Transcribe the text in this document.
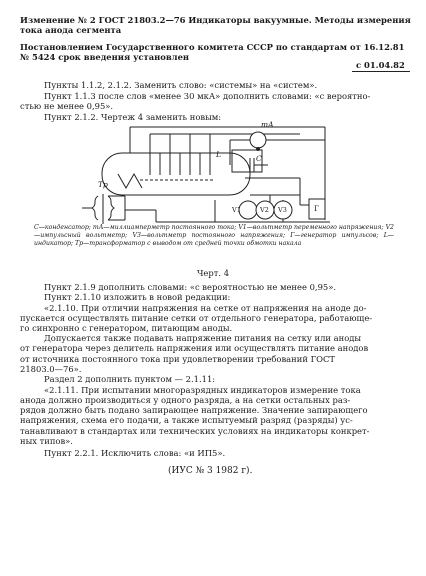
Изменение № 2 ГОСТ 21803.2—76 Индикаторы вакуумные. Методы измерения
тока анода сегмента
Постановлением Государственного комитета СССР по стандартам от 16.12.81
№ 5424 срок введения установлен
с 01.04.82
Пункты 1.1.2, 2.1.2. Заменить слово: «системы» на «систем».
Пункт 1.1.3 после слов «менее 30 мкА» дополнить словами: «с вероятно-
стью не менее 0,95».
Пункт 2.1.2. Чертеж 4 заменить новым:
mA
C
L
Tp
V1	V2 V3	Г
С—конденсатор; mА—миллиамперметр постоянного тока; V1—вольтметр переменного напряжения; V2—импульсный вольтметр; V3—вольтметр постоянного напряжения; Г—генератор импульсов; L—индикатор; Tp—трансформатор с выводом от средней точки обмотки накала
Черт. 4
Пункт 2.1.9 дополнить словами: «с вероятностью не менее 0,95».
Пункт 2.1.10 изложить в новой редакции:
«2.1.10. При отличии напряжения на сетке от напряжения на аноде до-
пускается осуществлять питание сетки от отдельного генератора, работающе-
го синхронно с генератором, питающим аноды.
Допускается также подавать напряжение питания на сетку или аноды
от генератора через делитель напряжения или осуществлять питание анодов
от источника постоянного тока при удовлетворении требований ГОСТ
21803.0—76».
Раздел 2 дополнить пунктом — 2.1.11:
«2.1.11. При испытании многоразрядных индикаторов измерение тока
анода должно производиться у одного разряда, а на сетки остальных раз-
рядов должно быть подано запирающее напряжение. Значение запирающего
напряжения, схема его подачи, а также испытуемый разряд (разряды) ус-
танавливают в стандартах или технических условиях на индикаторы конкрет-
ных типов».
Пункт 2.2.1. Исключить слова: «и ИП5».
(ИУС № 3 1982 г).
